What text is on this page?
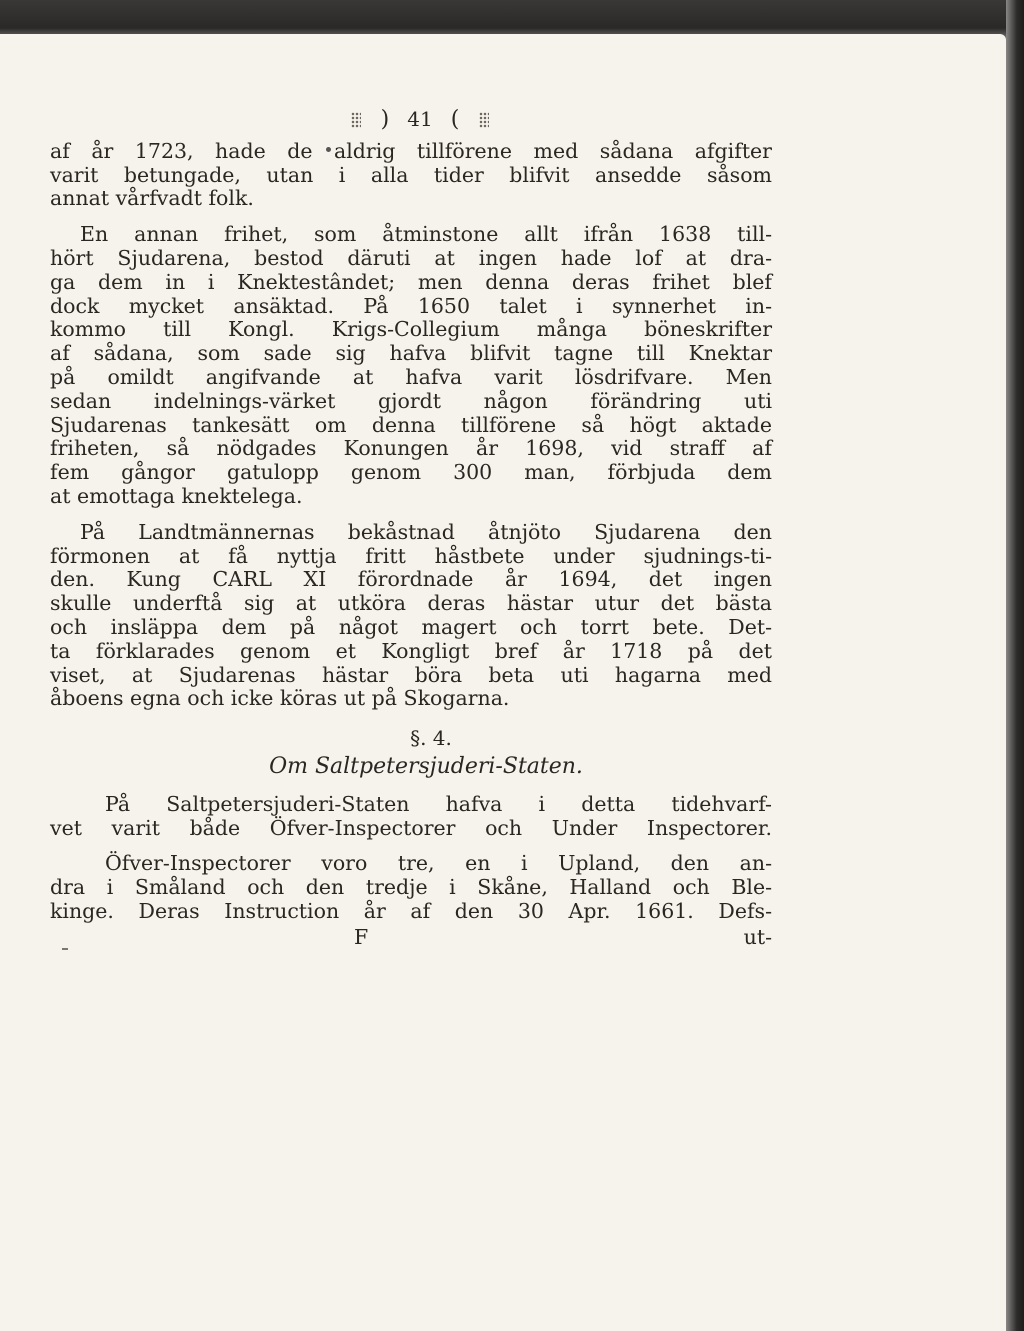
) 41 (
af år 1723, hade de aldrig tillförene med sådana afgifter
varit betungade, utan i alla tider blifvit ansedde såsom
annat vårfvadt folk.
En annan frihet, som åtminstone allt ifrån 1638 till-
hört Sjudarena, bestod däruti at ingen hade lof at dra-
ga dem in i Knektestândet; men denna deras frihet blef
dock mycket ansäktad. På 1650 talet i synnerhet in-
kommo till Kongl. Krigs-Collegium många böneskrifter
af sådana, som sade sig hafva blifvit tagne till Knektar
på omildt angifvande at hafva varit lösdrifvare. Men
sedan indelnings-värket gjordt någon förändring uti
Sjudarenas tankesätt om denna tillförene så högt aktade
friheten, så nödgades Konungen år 1698, vid straff af
fem gångor gatulopp genom 300 man, förbjuda dem
at emottaga knektelega.
På Landtmännernas bekåstnad åtnjöto Sjudarena den
förmonen at få nyttja fritt håstbete under sjudnings-ti-
den. Kung CARL XI förordnade år 1694, det ingen
skulle underftå sig at utköra deras hästar utur det bästa
och insläppa dem på något magert och torrt bete. Det-
ta förklarades genom et Kongligt bref år 1718 på det
viset, at Sjudarenas hästar böra beta uti hagarna med
åboens egna och icke köras ut på Skogarna.
§. 4.
Om Saltpetersjuderi-Staten.
På Saltpetersjuderi-Staten hafva i detta tidehvarf-
vet varit både Öfver-Inspectorer och Under Inspectorer.
Öfver-Inspectorer voro tre, en i Upland, den an-
dra i Småland och den tredje i Skåne, Halland och Ble-
kinge. Deras Instruction år af den 30 Apr. 1661. Defs-
F	ut-
